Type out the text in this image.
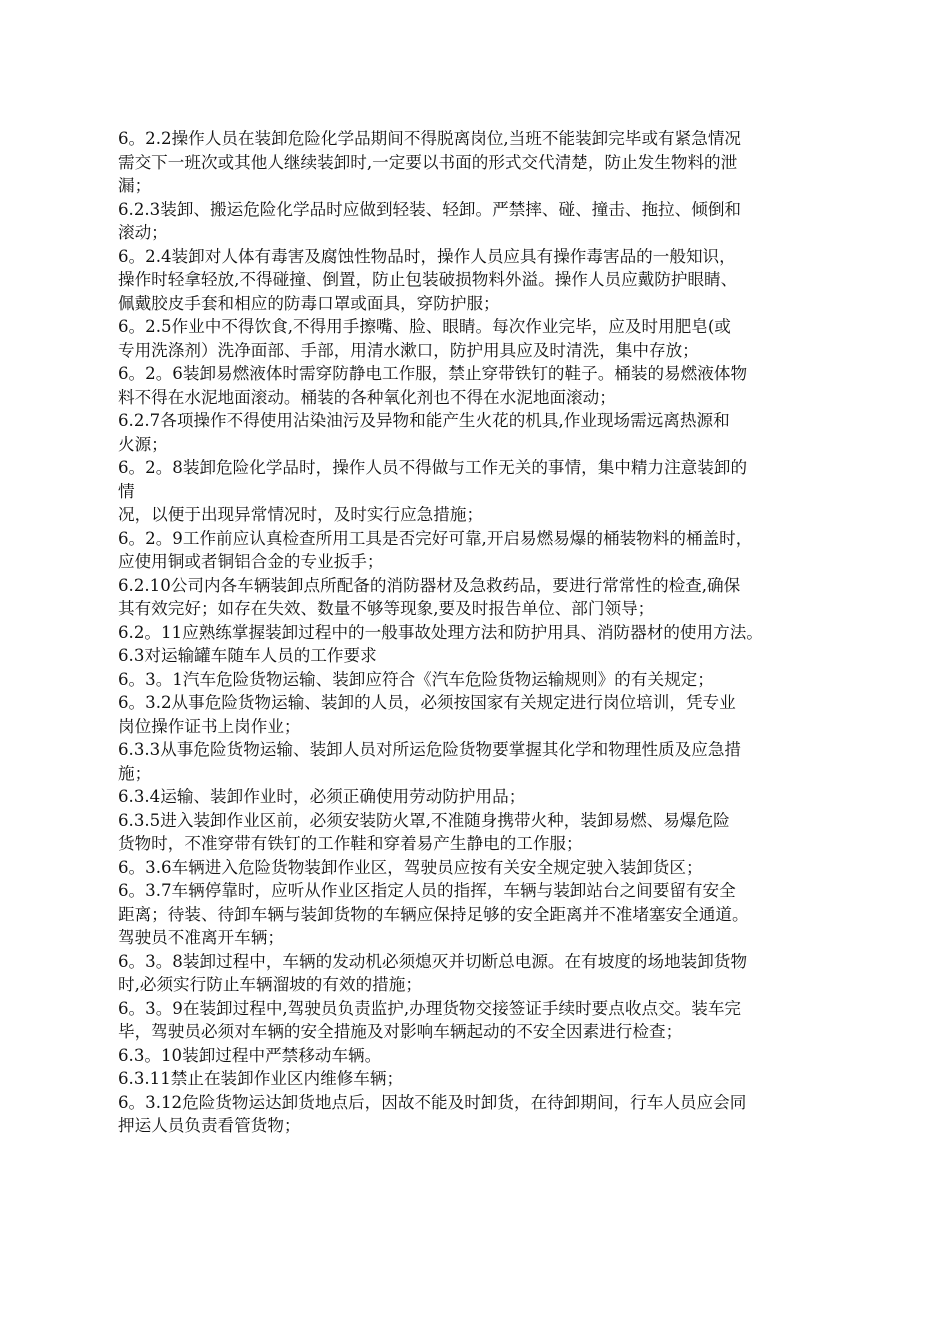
6。2.2操作人员在装卸危险化学品期间不得脱离岗位,当班不能装卸完毕或有紧急情况
需交下一班次或其他人继续装卸时,一定要以书面的形式交代清楚，防止发生物料的泄
漏；
6.2.3装卸、搬运危险化学品时应做到轻装、轻卸。严禁摔、碰、撞击、拖拉、倾倒和
滚动；
6。2.4装卸对人体有毒害及腐蚀性物品时，操作人员应具有操作毒害品的一般知识，
操作时轻拿轻放,不得碰撞、倒置，防止包装破损物料外溢。操作人员应戴防护眼睛、
佩戴胶皮手套和相应的防毒口罩或面具，穿防护服；
6。2.5作业中不得饮食,不得用手擦嘴、脸、眼睛。每次作业完毕，应及时用肥皂(或
专用洗涤剂）洗净面部、手部，用清水漱口，防护用具应及时清洗，集中存放；
6。2。6装卸易燃液体时需穿防静电工作服，禁止穿带铁钉的鞋子。桶装的易燃液体物
料不得在水泥地面滚动。桶装的各种氧化剂也不得在水泥地面滚动；
6.2.7各项操作不得使用沾染油污及异物和能产生火花的机具,作业现场需远离热源和
火源；
6。2。8装卸危险化学品时，操作人员不得做与工作无关的事情，集中精力注意装卸的
情
况，以便于出现异常情况时，及时实行应急措施；
6。2。9工作前应认真检查所用工具是否完好可靠,开启易燃易爆的桶装物料的桶盖时，
应使用铜或者铜铝合金的专业扳手；
6.2.10公司内各车辆装卸点所配备的消防器材及急救药品，要进行常常性的检查,确保
其有效完好；如存在失效、数量不够等现象,要及时报告单位、部门领导；
6.2。11应熟练掌握装卸过程中的一般事故处理方法和防护用具、消防器材的使用方法。
6.3对运输罐车随车人员的工作要求
6。3。1汽车危险货物运输、装卸应符合《汽车危险货物运输规则》的有关规定；
6。3.2从事危险货物运输、装卸的人员，必须按国家有关规定进行岗位培训，凭专业
岗位操作证书上岗作业；
6.3.3从事危险货物运输、装卸人员对所运危险货物要掌握其化学和物理性质及应急措
施；
6.3.4运输、装卸作业时，必须正确使用劳动防护用品；
6.3.5进入装卸作业区前，必须安装防火罩,不准随身携带火种，装卸易燃、易爆危险
货物时，不准穿带有铁钉的工作鞋和穿着易产生静电的工作服；
6。3.6车辆进入危险货物装卸作业区，驾驶员应按有关安全规定驶入装卸货区；
6。3.7车辆停靠时，应听从作业区指定人员的指挥，车辆与装卸站台之间要留有安全
距离；待装、待卸车辆与装卸货物的车辆应保持足够的安全距离并不准堵塞安全通道。
驾驶员不准离开车辆；
6。3。8装卸过程中，车辆的发动机必须熄灭并切断总电源。在有坡度的场地装卸货物
时,必须实行防止车辆溜坡的有效的措施；
6。3。9在装卸过程中,驾驶员负责监护,办理货物交接签证手续时要点收点交。装车完
毕，驾驶员必须对车辆的安全措施及对影响车辆起动的不安全因素进行检查；
6.3。10装卸过程中严禁移动车辆。
6.3.11禁止在装卸作业区内维修车辆；
6。3.12危险货物运达卸货地点后，因故不能及时卸货，在待卸期间，行车人员应会同
押运人员负责看管货物；
